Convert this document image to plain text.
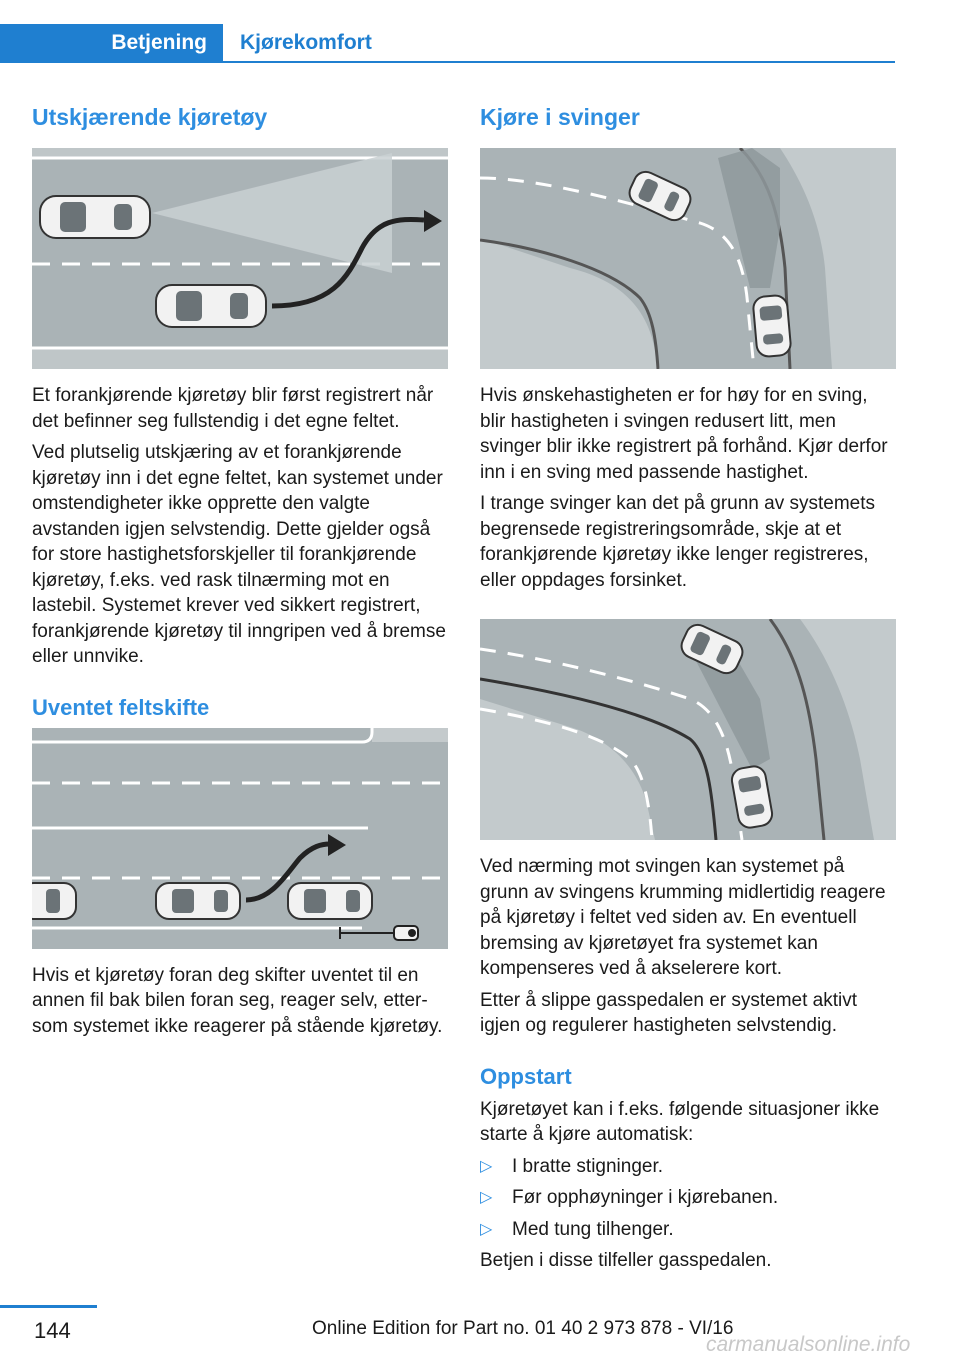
Betjening	Kjørekomfort
Utskjærende kjøretøy

Et forankjørende kjøretøy blir først registrert når det befinner seg fullstendig i det egne feltet.

Ved plutselig utskjæring av et forankjørende kjøretøy inn i det egne feltet, kan systemet under omstendigheter ikke opprette den valgte avstanden igjen selvstendig. Dette gjelder også for store hastighetsforskjeller til forankjørende kjøretøy, f.eks. ved rask tilnærming mot en lastebil. Systemet krever ved sikkert registrert, forankjørende kjøretøy til inngripen ved å bremse eller unnvike.

Uventet feltskifte

Hvis et kjøretøy foran deg skifter uventet til en annen fil bak bilen foran seg, reager selv, ettersom systemet ikke reagerer på stående kjøretøy.

Kjøre i svinger

Hvis ønskehastigheten er for høy for en sving, blir hastigheten i svingen redusert litt, men svinger blir ikke registrert på forhånd. Kjør derfor inn i en sving med passende hastighet.

I trange svinger kan det på grunn av systemets begrensede registreringsområde, skje at et forankjørende kjøretøy ikke lenger registreres, eller oppdages forsinket.

Ved nærming mot svingen kan systemet på grunn av svingens krumming midlertidig reagere på kjøretøy i feltet ved siden av. En eventuell bremsing av kjøretøyet fra systemet kan kompenseres ved å akselerere kort.

Etter å slippe gasspedalen er systemet aktivt igjen og regulerer hastigheten selvstendig.

Oppstart

Kjøretøyet kan i f.eks. følgende situasjoner ikke starte å kjøre automatisk:

▷ I bratte stigninger.
▷ Før opphøyninger i kjørebanen.
▷ Med tung tilhenger.

Betjen i disse tilfeller gasspedalen.

144	Online Edition for Part no. 01 40 2 973 878 - VI/16
carmanualsonline.info
